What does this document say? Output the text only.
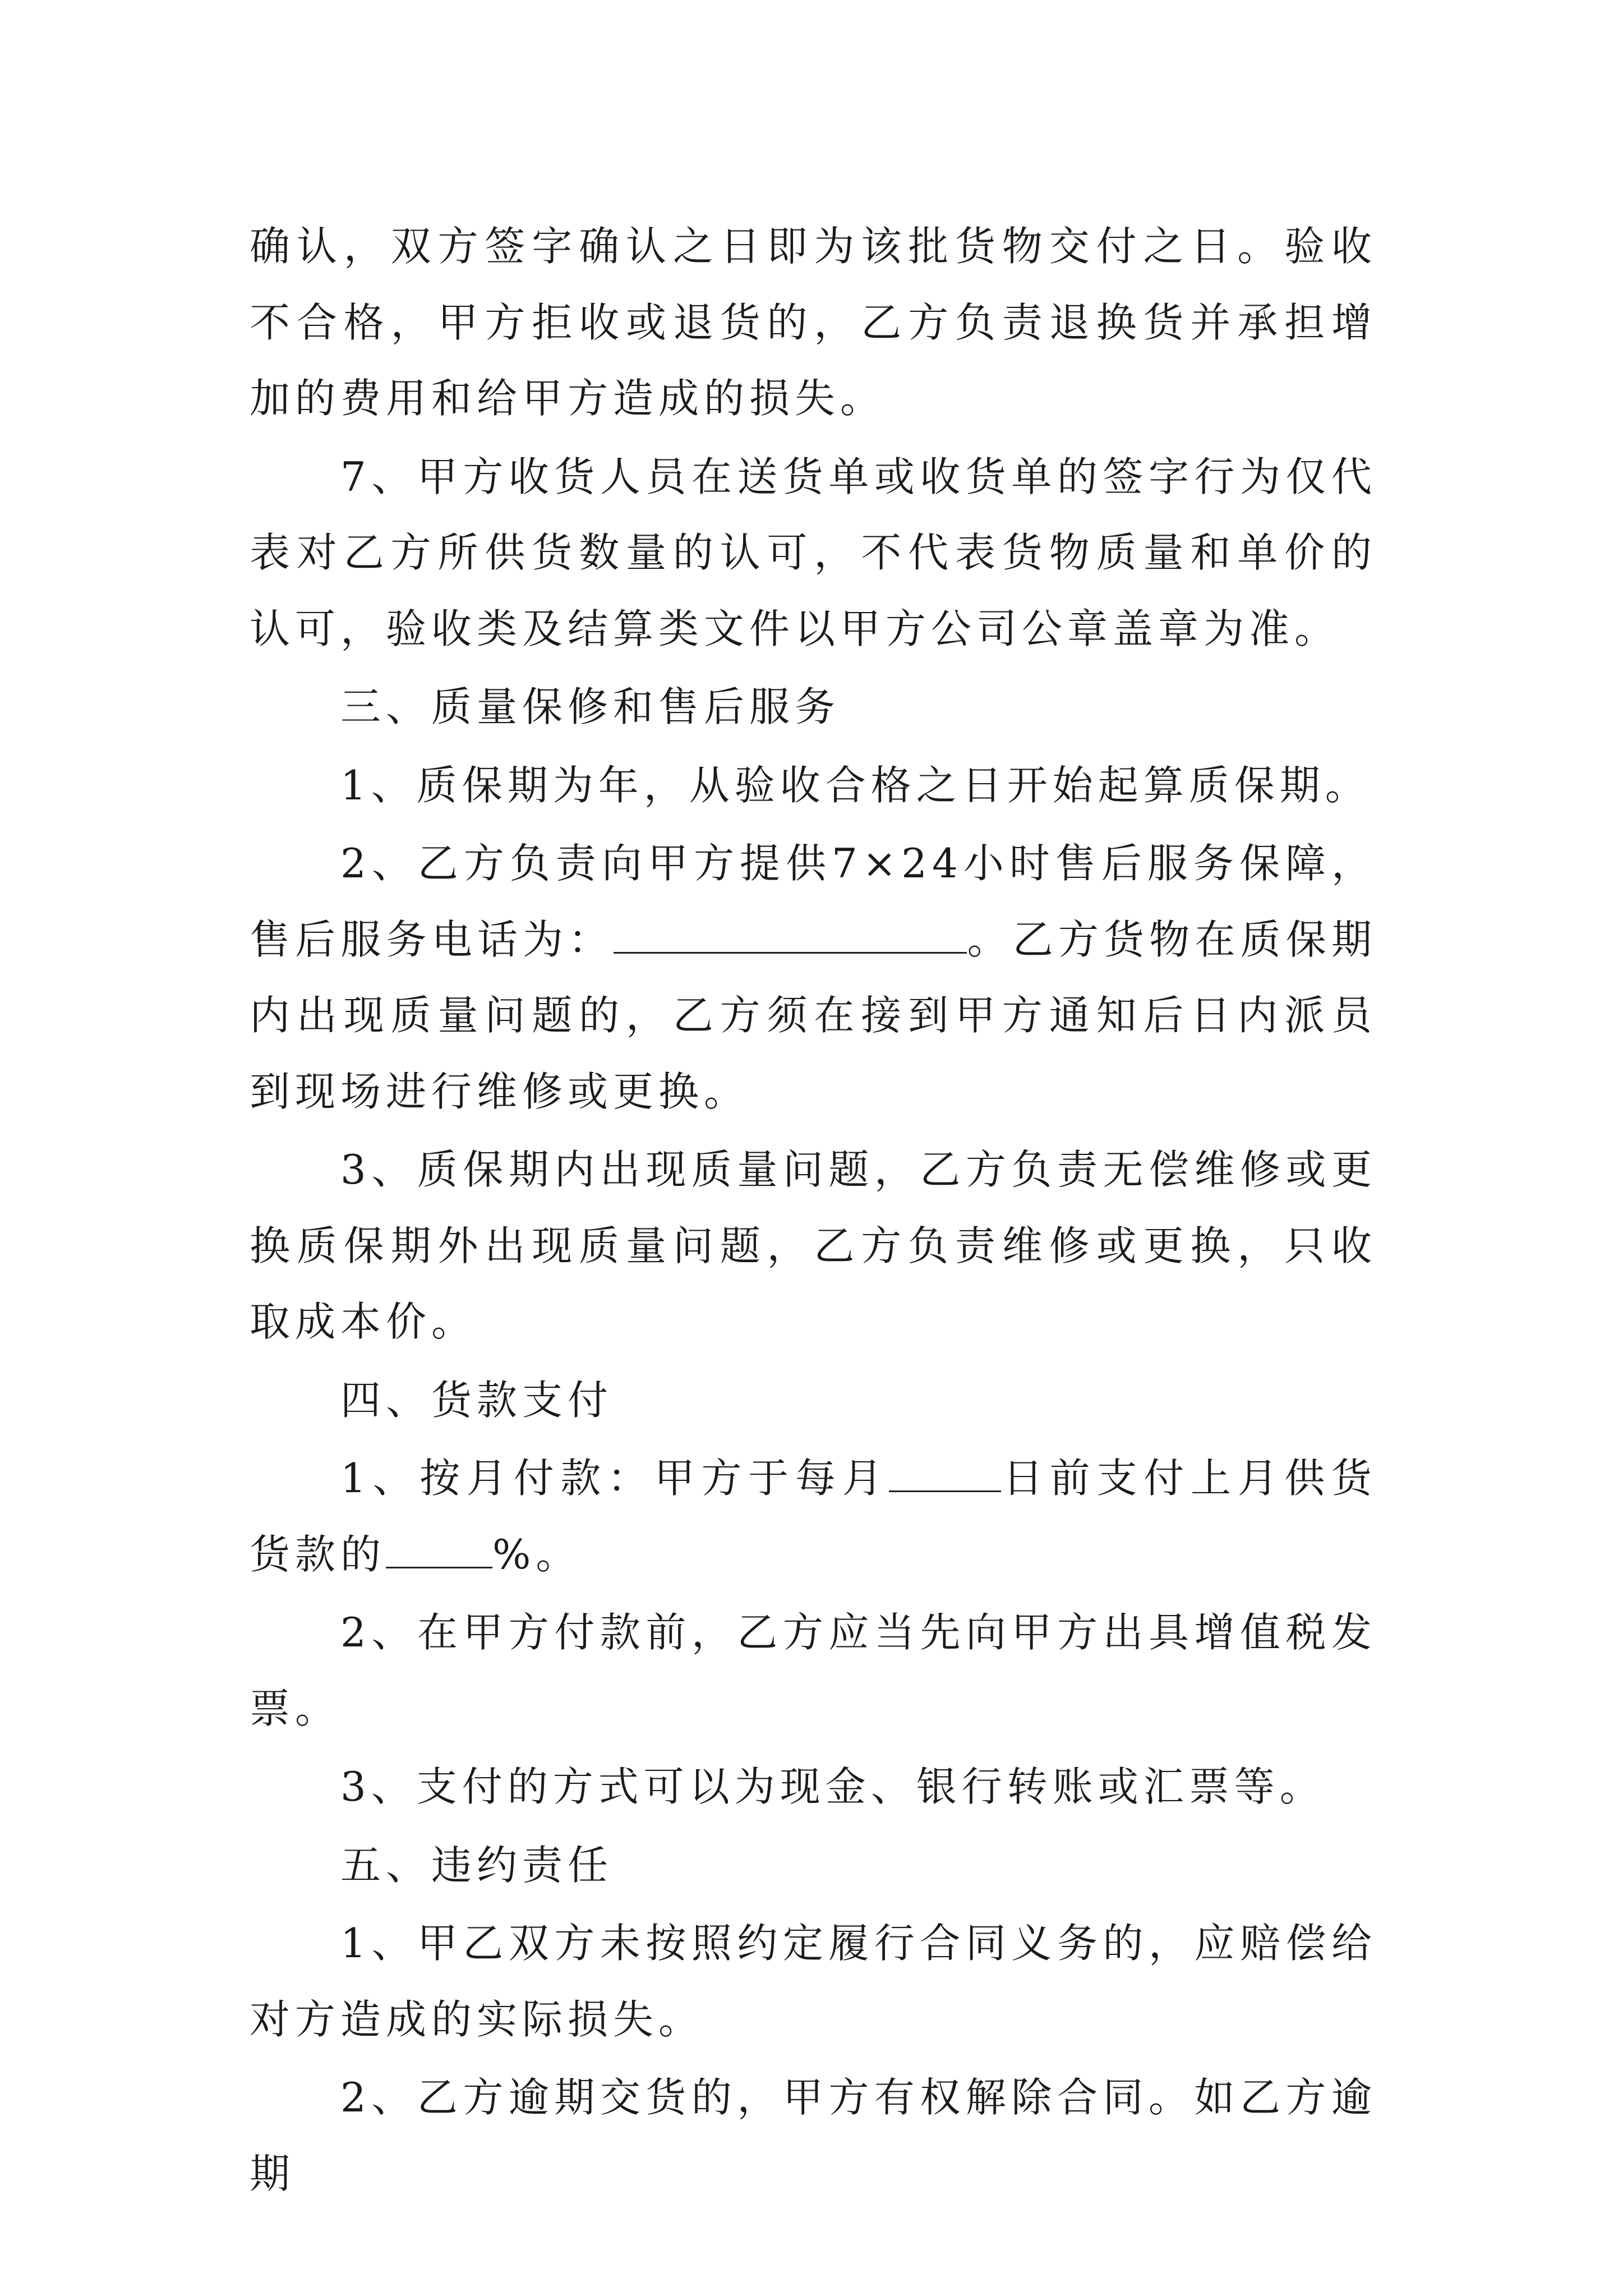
确认，双方签字确认之日即为该批货物交付之日。验收不合格，甲方拒收或退货的，乙方负责退换货并承担增加的费用和给甲方造成的损失。

7、甲方收货人员在送货单或收货单的签字行为仅代表对乙方所供货数量的认可，不代表货物质量和单价的认可，验收类及结算类文件以甲方公司公章盖章为准。

三、质量保修和售后服务

1、质保期为年，从验收合格之日开始起算质保期。

2、乙方负责向甲方提供7×24小时售后服务保障，售后服务电话为：	。乙方货物在质保期内出现质量问题的，乙方须在接到甲方通知后日内派员到现场进行维修或更换。

3、质保期内出现质量问题，乙方负责无偿维修或更换质保期外出现质量问题，乙方负责维修或更换，只收取成本价。

四、货款支付

1、按月付款：甲方于每月	日前支付上月供货货款的	%。

2、在甲方付款前，乙方应当先向甲方出具增值税发票。

3、支付的方式可以为现金、银行转账或汇票等。

五、违约责任

1、甲乙双方未按照约定履行合同义务的，应赔偿给对方造成的实际损失。

2、乙方逾期交货的，甲方有权解除合同。如乙方逾期
